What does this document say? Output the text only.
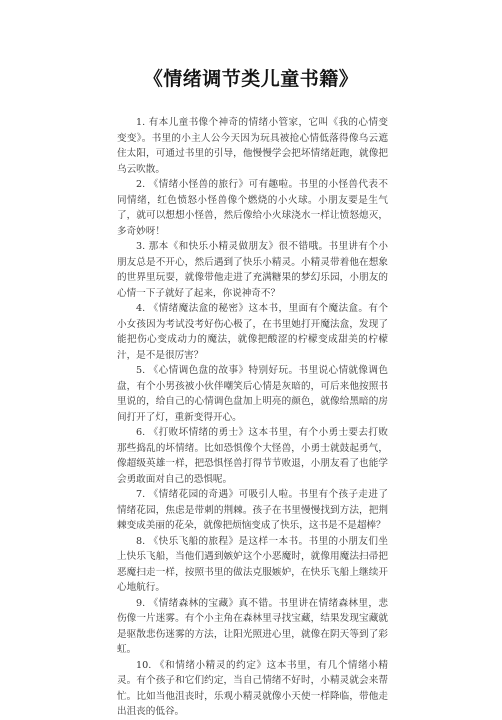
《情绪调节类儿童书籍》

1. 有本儿童书像个神奇的情绪小管家，它叫《我的心情变变变》。书里的小主人公今天因为玩具被抢心情低落得像乌云遮住太阳，可通过书里的引导，他慢慢学会把坏情绪赶跑，就像把乌云吹散。

2. 《情绪小怪兽的旅行》可有趣啦。书里的小怪兽代表不同情绪，红色愤怒小怪兽像个燃烧的小火球。小朋友要是生气了，就可以想想小怪兽，然后像给小火球浇水一样让愤怒熄灭，多奇妙呀！

3. 那本《和快乐小精灵做朋友》很不错哦。书里讲有个小朋友总是不开心，然后遇到了快乐小精灵。小精灵带着他在想象的世界里玩耍，就像带他走进了充满糖果的梦幻乐园，小朋友的心情一下子就好了起来，你说神奇不？

4. 《情绪魔法盒的秘密》这本书，里面有个魔法盒。有个小女孩因为考试没考好伤心极了，在书里她打开魔法盒，发现了能把伤心变成动力的魔法，就像把酸涩的柠檬变成甜美的柠檬汁，是不是很厉害？

5. 《心情调色盘的故事》特别好玩。书里说心情就像调色盘，有个小男孩被小伙伴嘲笑后心情是灰暗的，可后来他按照书里说的，给自己的心情调色盘加上明亮的颜色，就像给黑暗的房间打开了灯，重新变得开心。

6. 《打败坏情绪的勇士》这本书里，有个小勇士要去打败那些捣乱的坏情绪。比如恐惧像个大怪兽，小勇士就鼓起勇气，像超级英雄一样，把恐惧怪兽打得节节败退，小朋友看了也能学会勇敢面对自己的恐惧呢。

7. 《情绪花园的奇遇》可吸引人啦。书里有个孩子走进了情绪花园，焦虑是带刺的荆棘。孩子在书里慢慢找到方法，把荆棘变成美丽的花朵，就像把烦恼变成了快乐，这书是不是超棒？

8. 《快乐飞船的旅程》是这样一本书。书里的小朋友们坐上快乐飞船，当他们遇到嫉妒这个小恶魔时，就像用魔法扫帚把恶魔扫走一样，按照书里的做法克服嫉妒，在快乐飞船上继续开心地航行。

9. 《情绪森林的宝藏》真不错。书里讲在情绪森林里，悲伤像一片迷雾。有个小主角在森林里寻找宝藏，结果发现宝藏就是驱散悲伤迷雾的方法，让阳光照进心里，就像在阴天等到了彩虹。

10. 《和情绪小精灵的约定》这本书里，有几个情绪小精灵。有个孩子和它们约定，当自己情绪不好时，小精灵就会来帮忙。比如当他沮丧时，乐观小精灵就像小天使一样降临，带他走出沮丧的低谷。
